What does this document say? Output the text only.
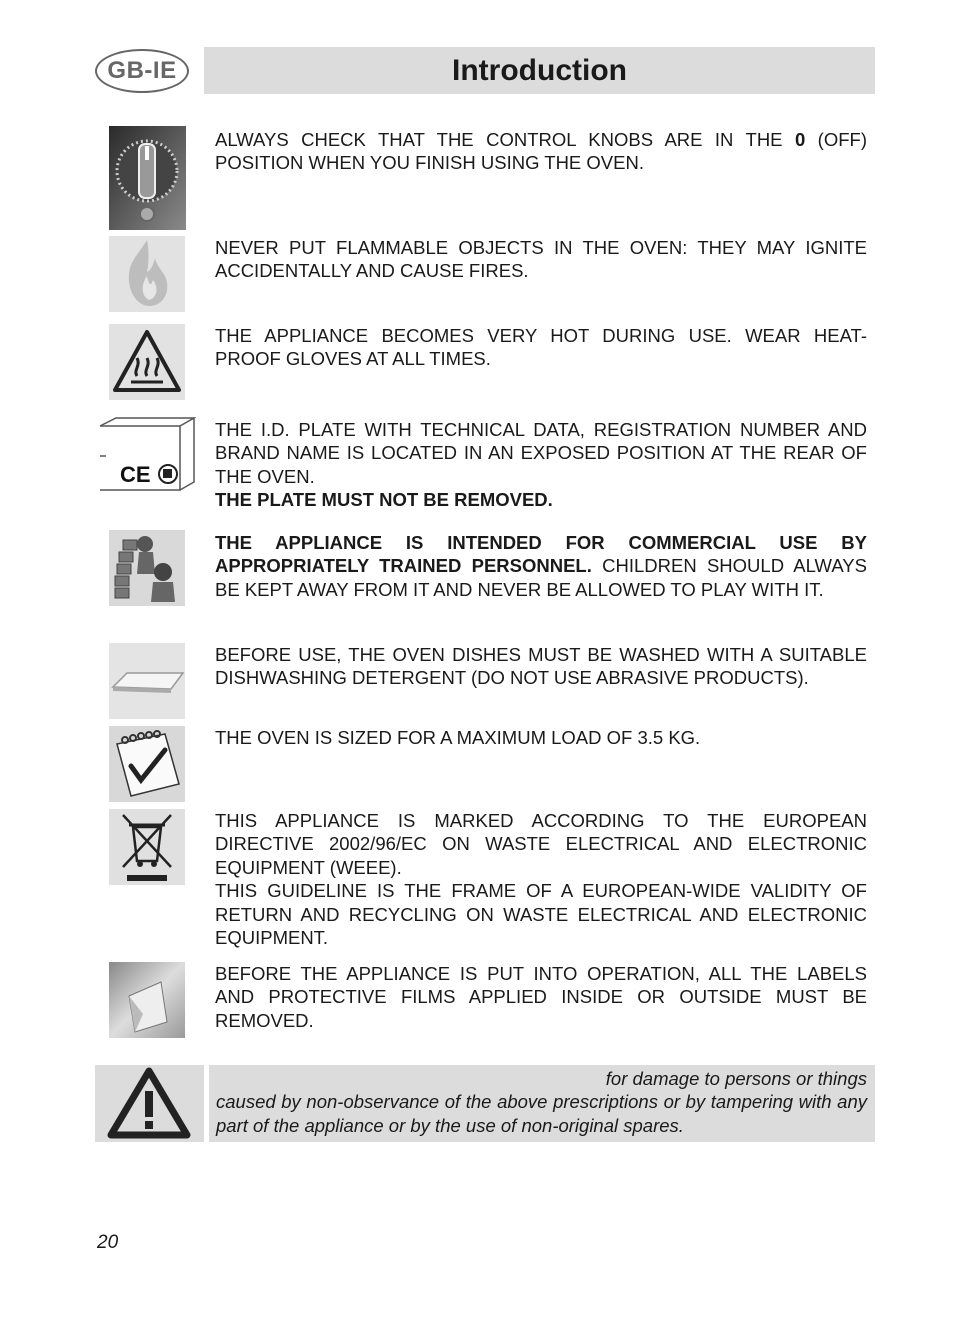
GB-IE	Introduction

ALWAYS CHECK THAT THE CONTROL KNOBS ARE IN THE 0 (OFF) POSITION WHEN YOU FINISH USING THE OVEN.

NEVER PUT FLAMMABLE OBJECTS IN THE OVEN: THEY MAY IGNITE ACCIDENTALLY AND CAUSE FIRES.

THE APPLIANCE BECOMES VERY HOT DURING USE. WEAR HEAT-PROOF GLOVES AT ALL TIMES.

CE

THE I.D. PLATE WITH TECHNICAL DATA, REGISTRATION NUMBER AND BRAND NAME IS LOCATED IN AN EXPOSED POSITION AT THE REAR OF THE OVEN.

THE PLATE MUST NOT BE REMOVED.

THE APPLIANCE IS INTENDED FOR COMMERCIAL USE BY APPROPRIATELY TRAINED PERSONNEL. CHILDREN SHOULD ALWAYS BE KEPT AWAY FROM IT AND NEVER BE ALLOWED TO PLAY WITH IT.

BEFORE USE, THE OVEN DISHES MUST BE WASHED WITH A SUITABLE DISHWASHING DETERGENT (DO NOT USE ABRASIVE PRODUCTS).

THE OVEN IS SIZED FOR A MAXIMUM LOAD OF 3.5 KG.

THIS APPLIANCE IS MARKED ACCORDING TO THE EUROPEAN DIRECTIVE 2002/96/EC ON WASTE ELECTRICAL AND ELECTRONIC EQUIPMENT (WEEE).

THIS GUIDELINE IS THE FRAME OF A EUROPEAN-WIDE VALIDITY OF RETURN AND RECYCLING ON WASTE ELECTRICAL AND ELECTRONIC EQUIPMENT.

BEFORE THE APPLIANCE IS PUT INTO OPERATION, ALL THE LABELS AND PROTECTIVE FILMS APPLIED INSIDE OR OUTSIDE MUST BE REMOVED.

for damage to persons or things

caused by non-observance of the above prescriptions or by tampering with any part of the appliance or by the use of non-original spares.

20
